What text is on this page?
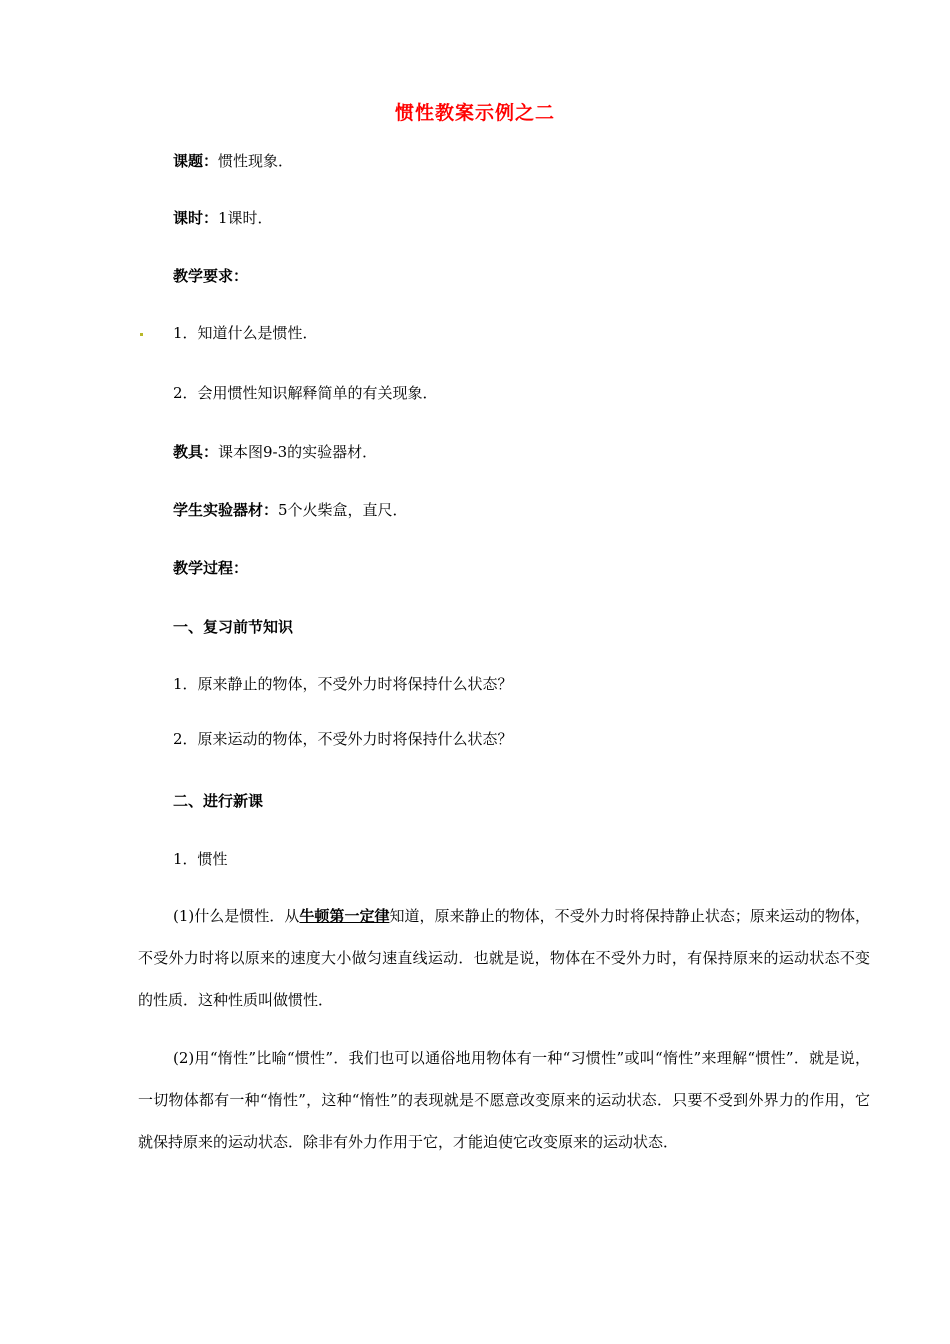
惯性教案示例之二
课题：惯性现象．
课时：1课时．
教学要求：
1．知道什么是惯性．
2．会用惯性知识解释简单的有关现象．
教具：课本图9-3的实验器材．
学生实验器材：5个火柴盒，直尺．
教学过程：
一、复习前节知识
1．原来静止的物体，不受外力时将保持什么状态？
2．原来运动的物体，不受外力时将保持什么状态？
二、进行新课
1．惯性
(1)什么是惯性．从牛顿第一定律知道，原来静止的物体，不受外力时将保持静止状态；原来运动的物体，不受外力时将以原来的速度大小做匀速直线运动．也就是说，物体在不受外力时，有保持原来的运动状态不变的性质．这种性质叫做惯性．
(2)用“惰性”比喻“惯性”．我们也可以通俗地用物体有一种“习惯性”或叫“惰性”来理解“惯性”．就是说，一切物体都有一种“惰性”，这种“惰性”的表现就是不愿意改变原来的运动状态．只要不受到外界力的作用，它就保持原来的运动状态．除非有外力作用于它，才能迫使它改变原来的运动状态．
